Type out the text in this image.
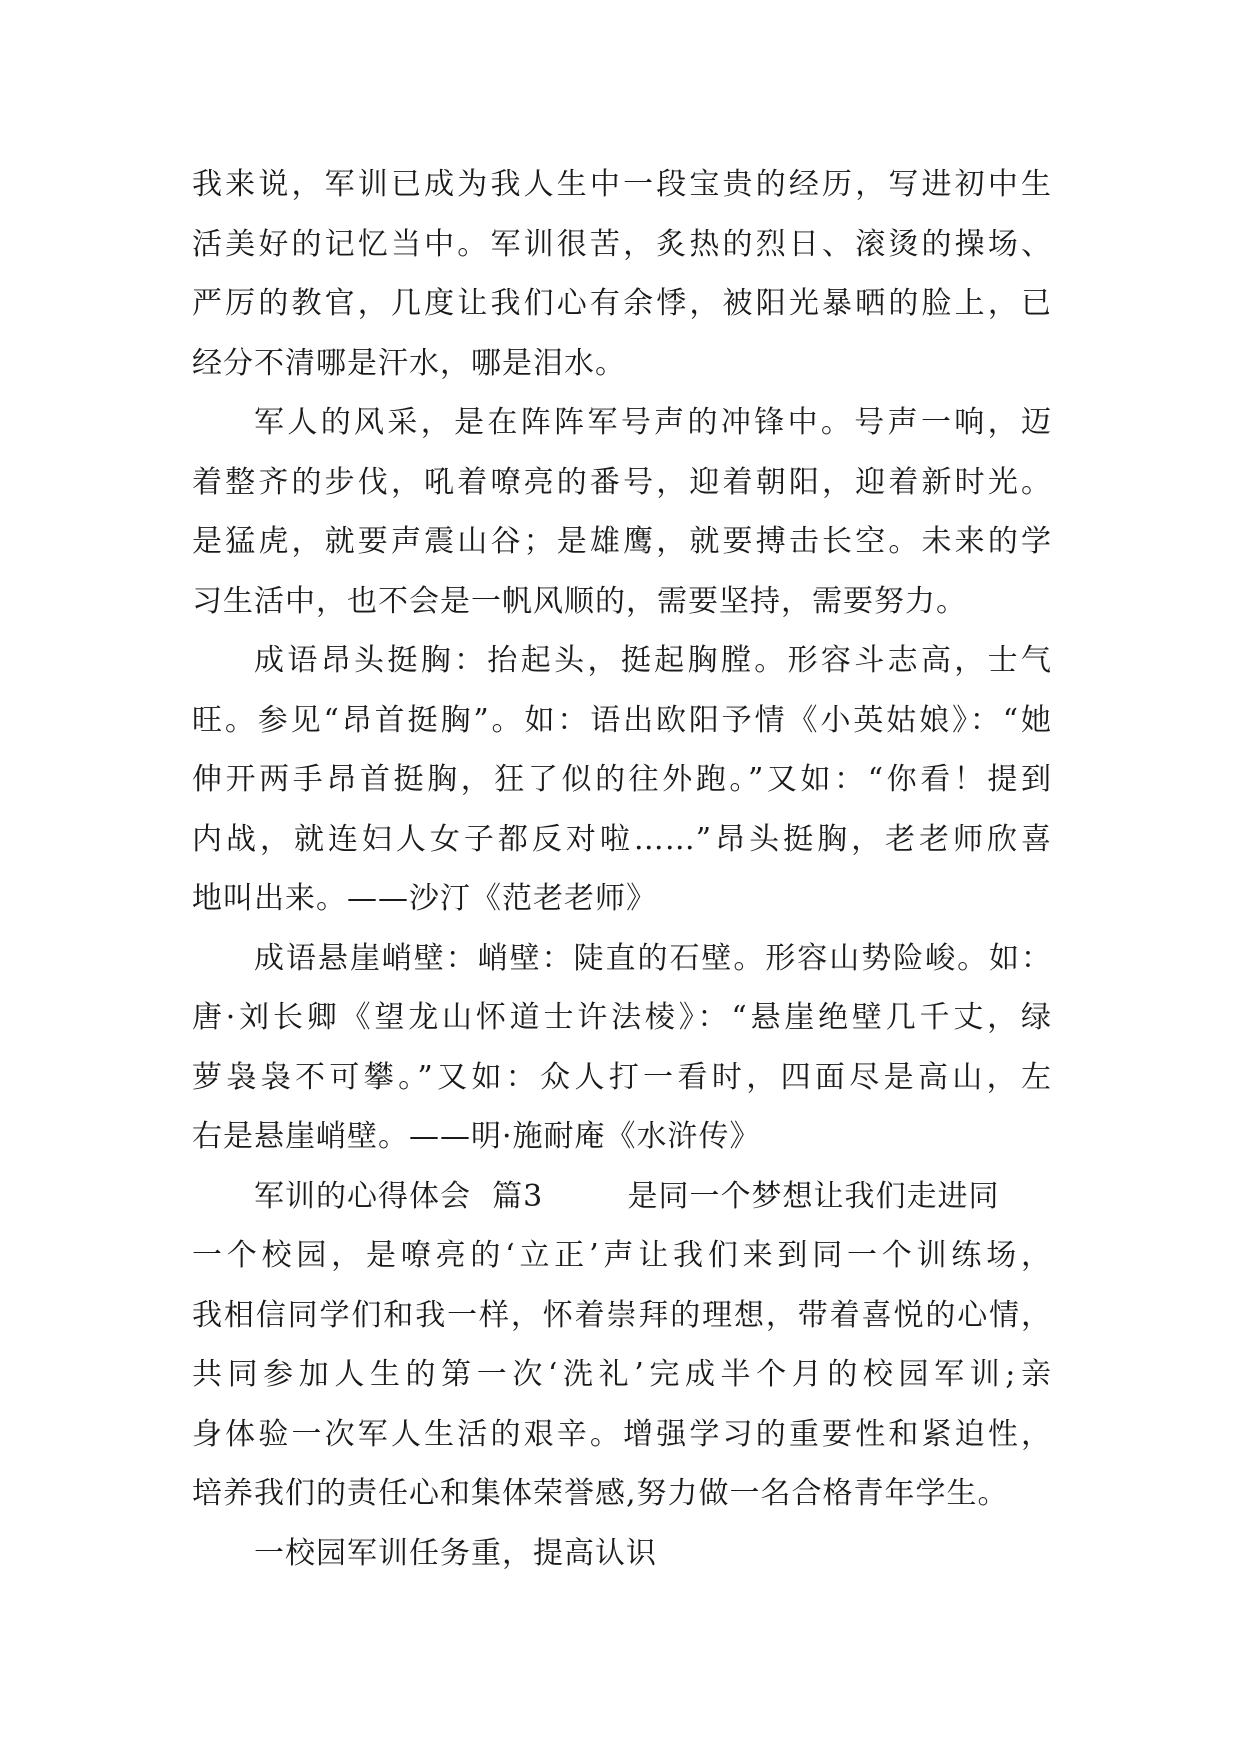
我来说，军训已成为我人生中一段宝贵的经历，写进初中生
活美好的记忆当中。军训很苦，炙热的烈日、滚烫的操场、
严厉的教官，几度让我们心有余悸，被阳光暴晒的脸上，已
经分不清哪是汗水，哪是泪水。
军人的风采，是在阵阵军号声的冲锋中。号声一响，迈
着整齐的步伐，吼着嘹亮的番号，迎着朝阳，迎着新时光。
是猛虎，就要声震山谷；是雄鹰，就要搏击长空。未来的学
习生活中，也不会是一帆风顺的，需要坚持，需要努力。
成语昂头挺胸：抬起头，挺起胸膛。形容斗志高，士气
旺。参见“昂首挺胸”。如：语出欧阳予情《小英姑娘》：“她
伸开两手昂首挺胸，狂了似的往外跑。”又如：“你看！提到
内战，就连妇人女子都反对啦……”昂头挺胸，老老师欣喜
地叫出来。——沙汀《范老老师》
成语悬崖峭壁：峭壁：陡直的石壁。形容山势险峻。如：
唐·刘长卿《望龙山怀道士许法棱》：“悬崖绝壁几千丈，绿
萝袅袅不可攀。”又如：众人打一看时，四面尽是高山，左
右是悬崖峭壁。——明·施耐庵《水浒传》
军训的心得体会  篇3        是同一个梦想让我们走进同
一个校园，是嘹亮的‘立正’声让我们来到同一个训练场，
我相信同学们和我一样，怀着崇拜的理想，带着喜悦的心情，
共同参加人生的第一次‘洗礼’完成半个月的校园军训;亲
身体验一次军人生活的艰辛。增强学习的重要性和紧迫性，
培养我们的责任心和集体荣誉感,努力做一名合格青年学生。
一校园军训任务重，提高认识
